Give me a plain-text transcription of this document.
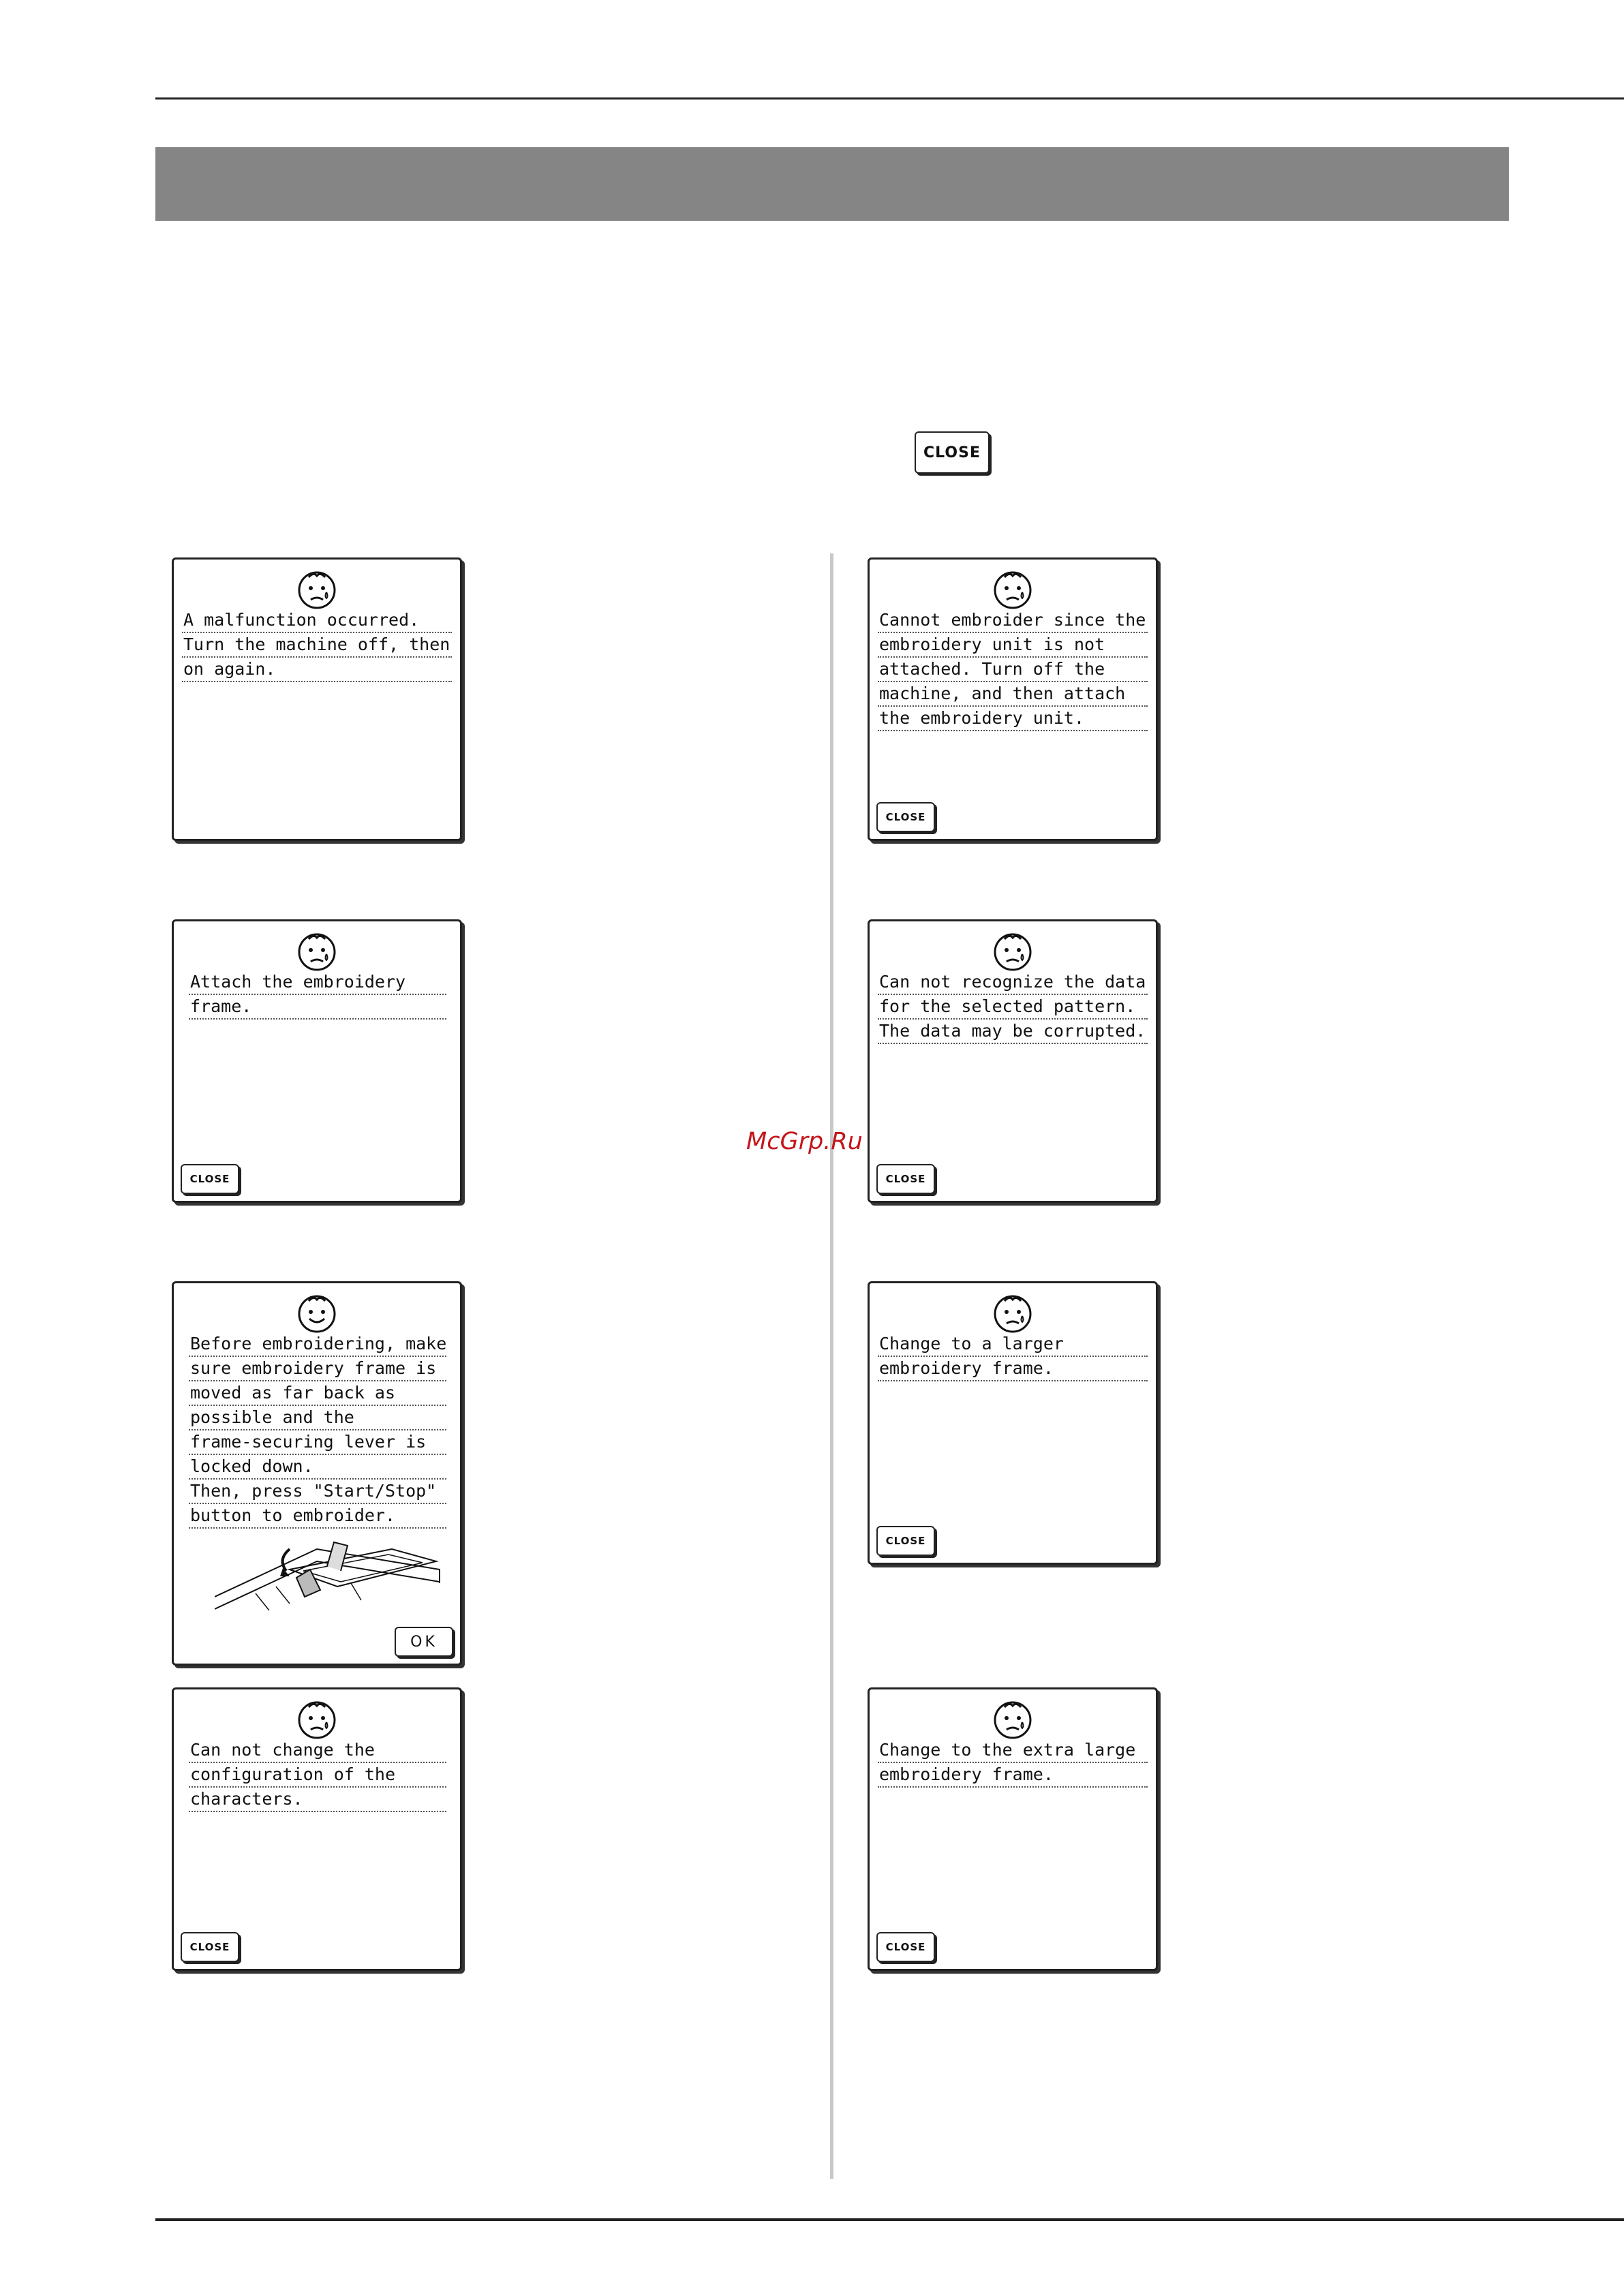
CLOSE
A malfunction occurred.
Turn the machine off, then
on again.
Cannot embroider since the
embroidery unit is not
attached. Turn off the
machine, and then attach
the embroidery unit.
CLOSE
Attach the embroidery
frame.
CLOSE
Can not recognize the data
for the selected pattern.
The data may be corrupted.
CLOSE
Before embroidering, make
sure embroidery frame is
moved as far back as
possible and the
frame-securing lever is
locked down.
Then, press "Start/Stop"
button to embroider.
OK
Change to a larger
embroidery frame.
CLOSE
Can not change the
configuration of the
characters.
CLOSE
Change to the extra large
embroidery frame.
CLOSE
McGrp.Ru
